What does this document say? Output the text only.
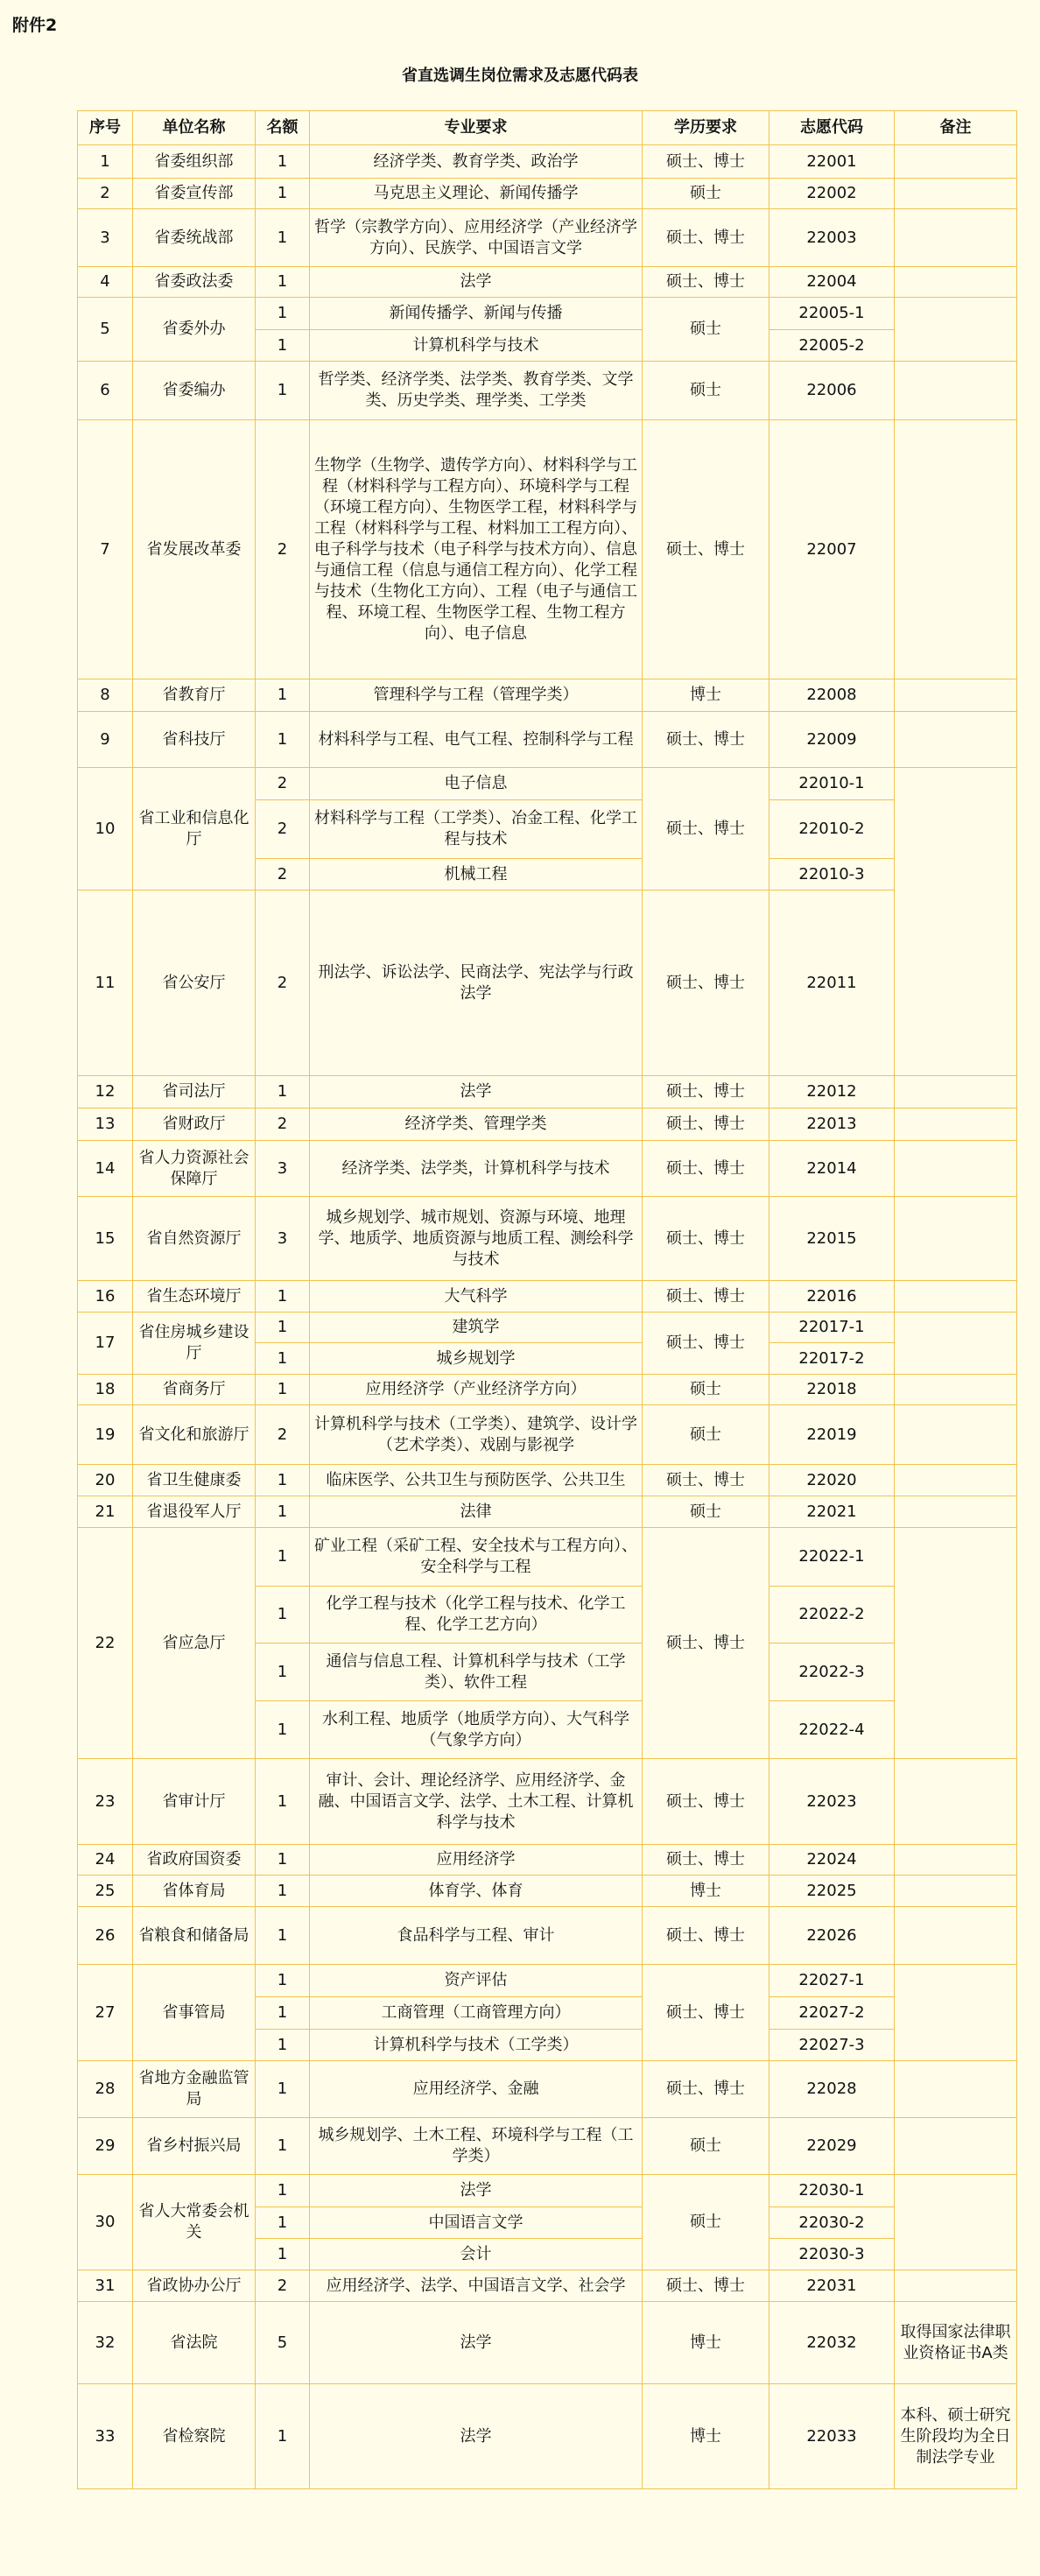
附件2
省直选调生岗位需求及志愿代码表
序号	单位名称	名额	专业要求	学历要求	志愿代码	备注
1	省委组织部	1	经济学类、教育学类、政治学	硕士、博士	22001	
2	省委宣传部	1	马克思主义理论、新闻传播学	硕士	22002	
3	省委统战部	1	哲学（宗教学方向）、应用经济学（产业经济学方向）、民族学、中国语言文学	硕士、博士	22003	
4	省委政法委	1	法学	硕士、博士	22004	
5	省委外办	1	新闻传播学、新闻与传播	硕士	22005-1	
		1	计算机科学与技术		22005-2	
6	省委编办	1	哲学类、经济学类、法学类、教育学类、文学类、历史学类、理学类、工学类	硕士	22006	
7	省发展改革委	2	生物学（生物学、遗传学方向）、材料科学与工程（材料科学与工程方向）、环境科学与工程（环境工程方向）、生物医学工程，材料科学与工程（材料科学与工程、材料加工工程方向）、电子科学与技术（电子科学与技术方向）、信息与通信工程（信息与通信工程方向）、化学工程与技术（生物化工方向）、工程（电子与通信工程、环境工程、生物医学工程、生物工程方向）、电子信息	硕士、博士	22007	
8	省教育厅	1	管理科学与工程（管理学类）	博士	22008	
9	省科技厅	1	材料科学与工程、电气工程、控制科学与工程	硕士、博士	22009	
10	省工业和信息化厅	2	电子信息	硕士、博士	22010-1	
		2	材料科学与工程（工学类）、冶金工程、化学工程与技术		22010-2	
		2	机械工程		22010-3	
11	省公安厅	2	刑法学、诉讼法学、民商法学、宪法学与行政法学	硕士、博士	22011	
12	省司法厅	1	法学	硕士、博士	22012	
13	省财政厅	2	经济学类、管理学类	硕士、博士	22013	
14	省人力资源社会保障厅	3	经济学类、法学类，计算机科学与技术	硕士、博士	22014	
15	省自然资源厅	3	城乡规划学、城市规划、资源与环境、地理学、地质学、地质资源与地质工程、测绘科学与技术	硕士、博士	22015	
16	省生态环境厅	1	大气科学	硕士、博士	22016	
17	省住房城乡建设厅	1	建筑学	硕士、博士	22017-1	
		1	城乡规划学		22017-2	
18	省商务厅	1	应用经济学（产业经济学方向）	硕士	22018	
19	省文化和旅游厅	2	计算机科学与技术（工学类）、建筑学、设计学（艺术学类）、戏剧与影视学	硕士	22019	
20	省卫生健康委	1	临床医学、公共卫生与预防医学、公共卫生	硕士、博士	22020	
21	省退役军人厅	1	法律	硕士	22021	
22	省应急厅	1	矿业工程（采矿工程、安全技术与工程方向）、安全科学与工程	硕士、博士	22022-1	
		1	化学工程与技术（化学工程与技术、化学工程、化学工艺方向）		22022-2	
		1	通信与信息工程、计算机科学与技术（工学类）、软件工程		22022-3	
		1	水利工程、地质学（地质学方向）、大气科学（气象学方向）		22022-4	
23	省审计厅	1	审计、会计、理论经济学、应用经济学、金融、中国语言文学、法学、土木工程、计算机科学与技术	硕士、博士	22023	
24	省政府国资委	1	应用经济学	硕士、博士	22024	
25	省体育局	1	体育学、体育	博士	22025	
26	省粮食和储备局	1	食品科学与工程、审计	硕士、博士	22026	
27	省事管局	1	资产评估	硕士、博士	22027-1	
		1	工商管理（工商管理方向）		22027-2	
		1	计算机科学与技术（工学类）		22027-3	
28	省地方金融监管局	1	应用经济学、金融	硕士、博士	22028	
29	省乡村振兴局	1	城乡规划学、土木工程、环境科学与工程（工学类）	硕士	22029	
30	省人大常委会机关	1	法学	硕士	22030-1	
		1	中国语言文学		22030-2	
		1	会计		22030-3	
31	省政协办公厅	2	应用经济学、法学、中国语言文学、社会学	硕士、博士	22031	
32	省法院	5	法学	博士	22032	取得国家法律职业资格证书A类
33	省检察院	1	法学	博士	22033	本科、硕士研究生阶段均为全日制法学专业
